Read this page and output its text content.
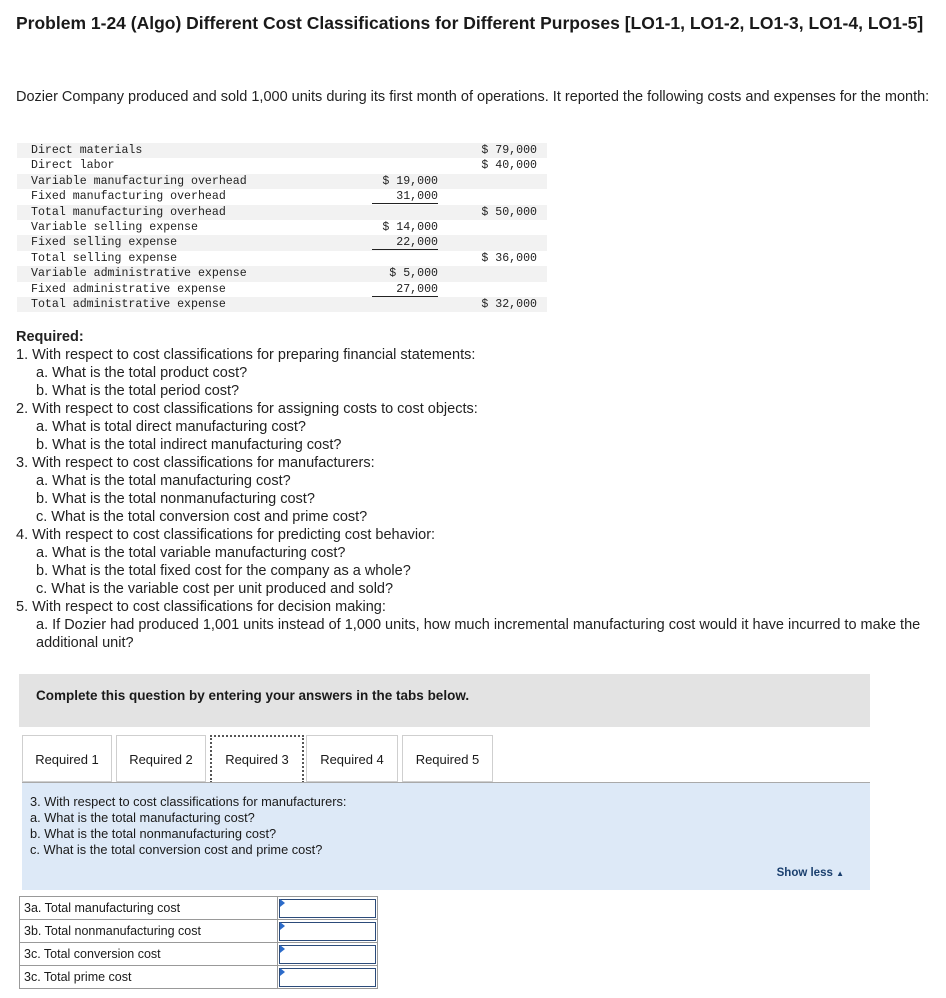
Problem 1-24 (Algo) Different Cost Classifications for Different Purposes [LO1-1, LO1-2, LO1-3, LO1-4, LO1-5]
Dozier Company produced and sold 1,000 units during its first month of operations. It reported the following costs and expenses for the month:
Direct materials		$ 79,000
Direct labor		$ 40,000
Variable manufacturing overhead	$ 19,000	
Fixed manufacturing overhead	31,000	
Total manufacturing overhead		$ 50,000
Variable selling expense	$ 14,000	
Fixed selling expense	22,000	
Total selling expense		$ 36,000
Variable administrative expense	$ 5,000	
Fixed administrative expense	27,000	
Total administrative expense		$ 32,000
Required:
1. With respect to cost classifications for preparing financial statements:
a. What is the total product cost?
b. What is the total period cost?
2. With respect to cost classifications for assigning costs to cost objects:
a. What is total direct manufacturing cost?
b. What is the total indirect manufacturing cost?
3. With respect to cost classifications for manufacturers:
a. What is the total manufacturing cost?
b. What is the total nonmanufacturing cost?
c. What is the total conversion cost and prime cost?
4. With respect to cost classifications for predicting cost behavior:
a. What is the total variable manufacturing cost?
b. What is the total fixed cost for the company as a whole?
c. What is the variable cost per unit produced and sold?
5. With respect to cost classifications for decision making:
a. If Dozier had produced 1,001 units instead of 1,000 units, how much incremental manufacturing cost would it have incurred to make the additional unit?
Complete this question by entering your answers in the tabs below.
Required 1	Required 2	Required 3	Required 4	Required 5
3. With respect to cost classifications for manufacturers:
a. What is the total manufacturing cost?
b. What is the total nonmanufacturing cost?
c. What is the total conversion cost and prime cost?
Show less ▲
3a. Total manufacturing cost	

3b. Total nonmanufacturing cost	

3c. Total conversion cost	

3c. Total prime cost	
